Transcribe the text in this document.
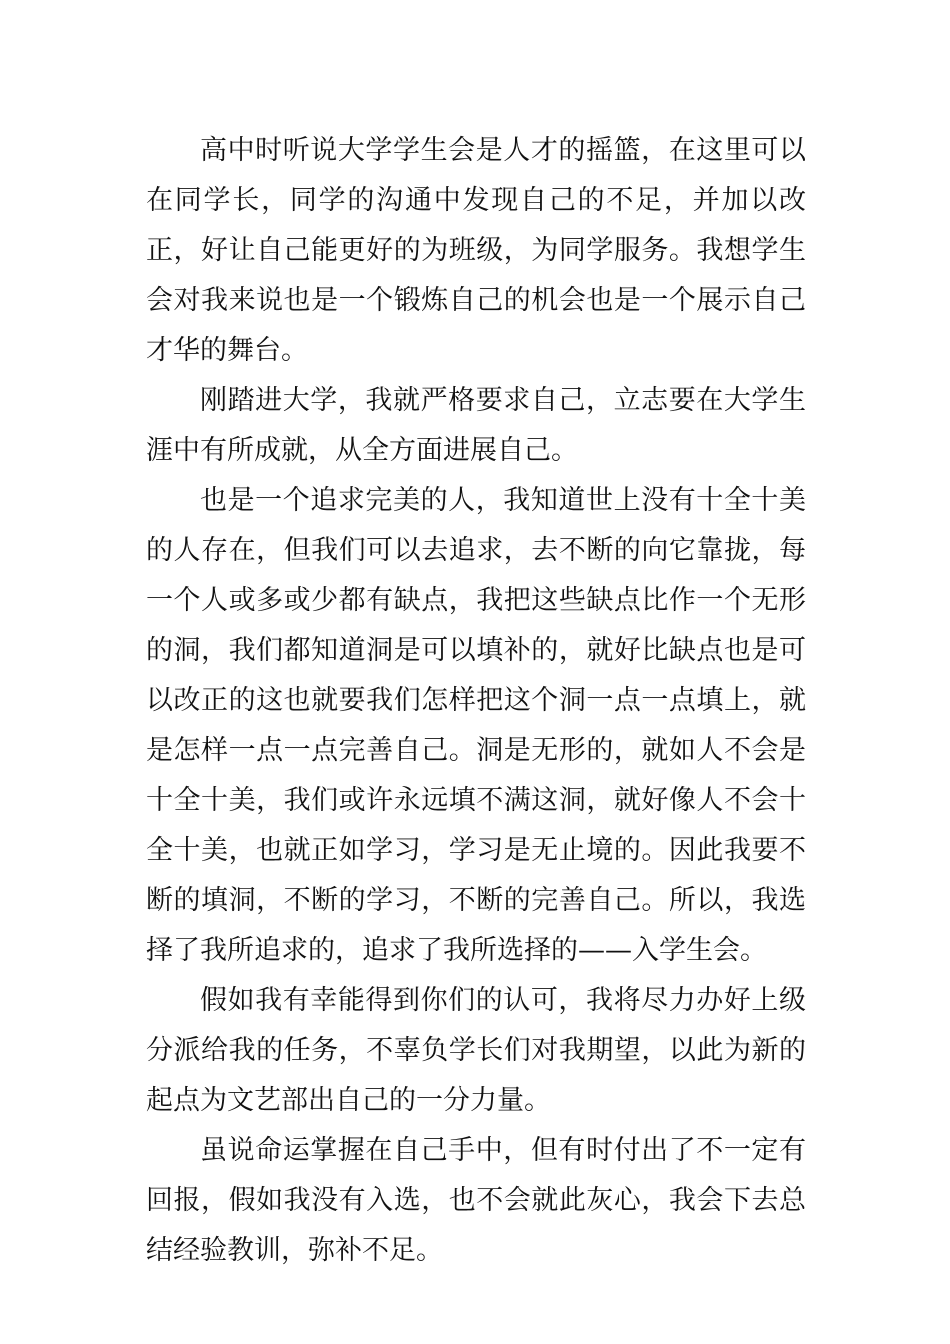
高中时听说大学学生会是人才的摇篮，在这里可以在同学长，同学的沟通中发现自己的不足，并加以改正，好让自己能更好的为班级，为同学服务。我想学生会对我来说也是一个锻炼自己的机会也是一个展示自己才华的舞台。

刚踏进大学，我就严格要求自己，立志要在大学生涯中有所成就，从全方面进展自己。

也是一个追求完美的人，我知道世上没有十全十美的人存在，但我们可以去追求，去不断的向它靠拢，每一个人或多或少都有缺点，我把这些缺点比作一个无形的洞，我们都知道洞是可以填补的，就好比缺点也是可以改正的这也就要我们怎样把这个洞一点一点填上，就是怎样一点一点完善自己。洞是无形的，就如人不会是十全十美，我们或许永远填不满这洞，就好像人不会十全十美，也就正如学习，学习是无止境的。因此我要不断的填洞，不断的学习，不断的完善自己。所以，我选择了我所追求的，追求了我所选择的——入学生会。

假如我有幸能得到你们的认可，我将尽力办好上级分派给我的任务，不辜负学长们对我期望，以此为新的起点为文艺部出自己的一分力量。

虽说命运掌握在自己手中，但有时付出了不一定有回报，假如我没有入选，也不会就此灰心，我会下去总结经验教训，弥补不足。
